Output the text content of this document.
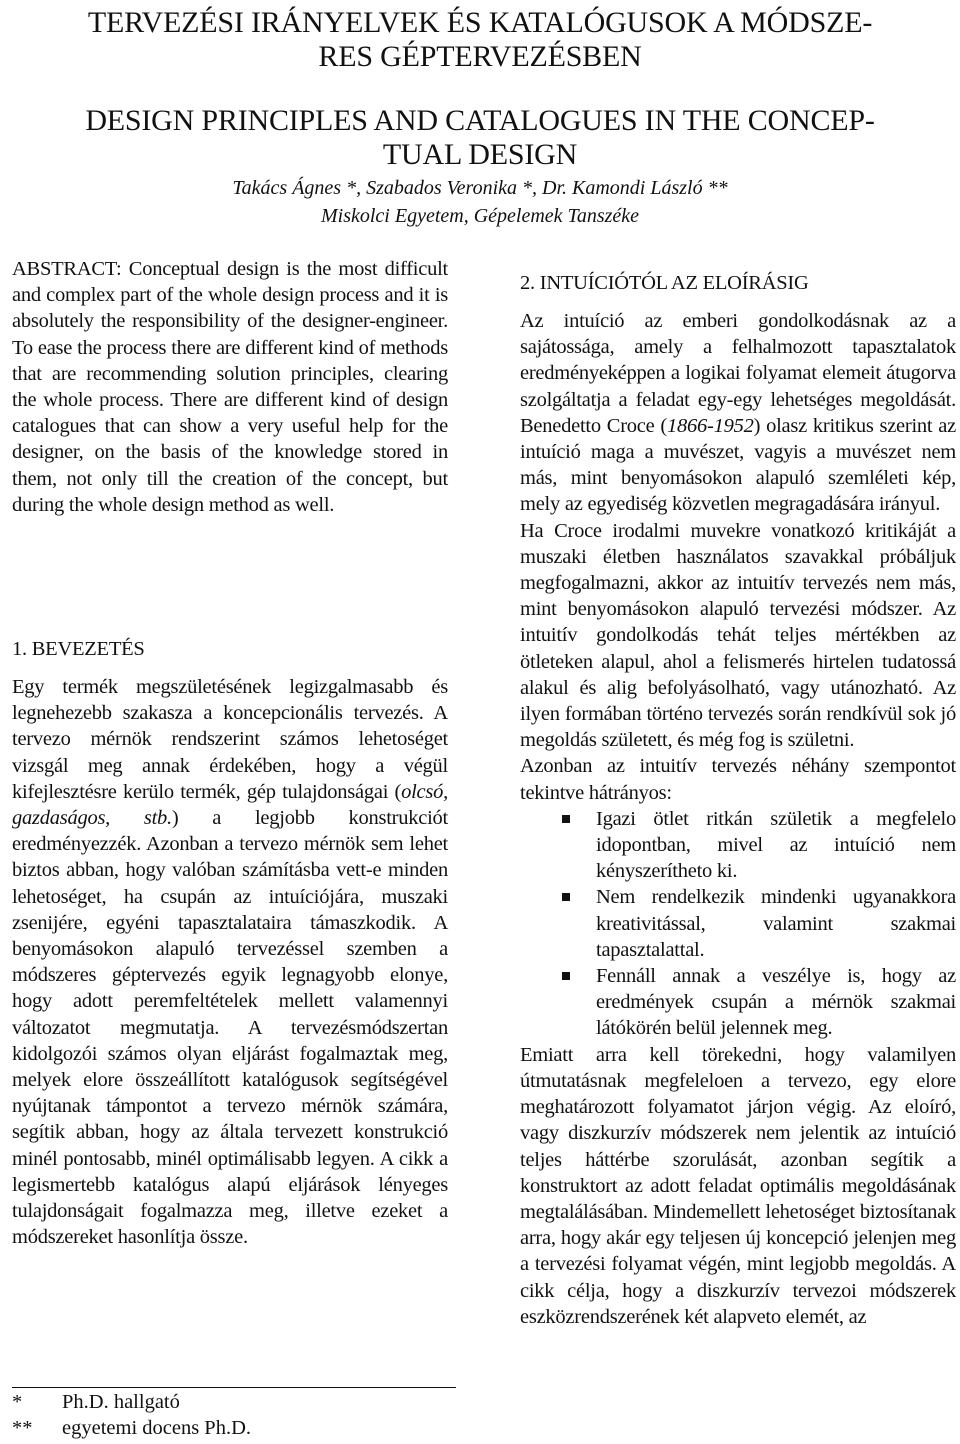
TERVEZÉSI IRÁNYELVEK ÉS KATALÓGUSOK A MÓDSZE-
RES GÉPTERVEZÉSBEN
DESIGN PRINCIPLES AND CATALOGUES IN THE CONCEP-
TUAL DESIGN
Takács Ágnes *, Szabados Veronika *, Dr. Kamondi László **
Miskolci Egyetem, Gépelemek Tanszéke

ABSTRACT: Conceptual design is the most difficult and complex part of the whole design process and it is absolutely the responsibility of the designer-engineer. To ease the process there are different kind of methods that are recommending solution principles, clearing the whole process. There are different kind of design catalogues that can show a very useful help for the designer, on the basis of the knowledge stored in them, not only till the creation of the concept, but during the whole design method as well.

1. BEVEZETÉS

Egy termék megszületésének legizgalmasabb és legnehezebb szakasza a koncepcionális tervezés. A tervezo mérnök rendszerint számos lehetoséget vizsgál meg annak érdekében, hogy a végül kifejlesztésre kerülo termék, gép tulajdonságai (olcsó, gazdaságos, stb.) a legjobb konstrukciót eredményezzék. Azonban a tervezo mérnök sem lehet biztos abban, hogy valóban számításba vett-e minden lehetoséget, ha csupán az intuíciójára, muszaki zsenijére, egyéni tapasztalataira támaszkodik. A benyomásokon alapuló tervezéssel szemben a módszeres géptervezés egyik legnagyobb elonye, hogy adott peremfeltételek mellett valamennyi változatot megmutatja. A tervezésmódszertan kidolgozói számos olyan eljárást fogalmaztak meg, melyek elore összeállított katalógusok segítségével nyújtanak támpontot a tervezo mérnök számára, segítik abban, hogy az általa tervezett konstrukció minél pontosabb, minél optimálisabb legyen. A cikk a legismertebb katalógus alapú eljárások lényeges tulajdonságait fogalmazza meg, illetve ezeket a módszereket hasonlítja össze.

* Ph.D. hallgató
** egyetemi docens Ph.D.

2. INTUÍCIÓTÓL AZ ELOÍRÁSIG

Az intuíció az emberi gondolkodásnak az a sajátossága, amely a felhalmozott tapasztalatok eredményeképpen a logikai folyamat elemeit átugorva szolgáltatja a feladat egy-egy lehetséges megoldását. Benedetto Croce (1866-1952) olasz kritikus szerint az intuíció maga a muvészet, vagyis a muvészet nem más, mint benyomásokon alapuló szemléleti kép, mely az egyediség közvetlen megragadására irányul.

Ha Croce irodalmi muvekre vonatkozó kritikáját a muszaki életben használatos szavakkal próbáljuk megfogalmazni, akkor az intuitív tervezés nem más, mint benyomásokon alapuló tervezési módszer. Az intuitív gondolkodás tehát teljes mértékben az ötleteken alapul, ahol a felismerés hirtelen tudatossá alakul és alig befolyásolható, vagy utánozható. Az ilyen formában történo tervezés során rendkívül sok jó megoldás született, és még fog is születni.

Azonban az intuitív tervezés néhány szempontot tekintve hátrányos:

Igazi ötlet ritkán születik a megfelelo idopontban, mivel az intuíció nem kényszerítheto ki.
Nem rendelkezik mindenki ugyanakkora kreativitással, valamint szakmai tapasztalattal.
Fennáll annak a veszélye is, hogy az eredmények csupán a mérnök szakmai látókörén belül jelennek meg.

Emiatt arra kell törekedni, hogy valamilyen útmutatásnak megfeleloen a tervezo, egy elore meghatározott folyamatot járjon végig. Az eloíró, vagy diszkurzív módszerek nem jelentik az intuíció teljes háttérbe szorulását, azonban segítik a konstruktort az adott feladat optimális megoldásának megtalálásában. Mindemellett lehetoséget biztosítanak arra, hogy akár egy teljesen új koncepció jelenjen meg a tervezési folyamat végén, mint legjobb megoldás. A cikk célja, hogy a diszkurzív tervezoi módszerek eszközrendszerének két alapveto elemét, az
